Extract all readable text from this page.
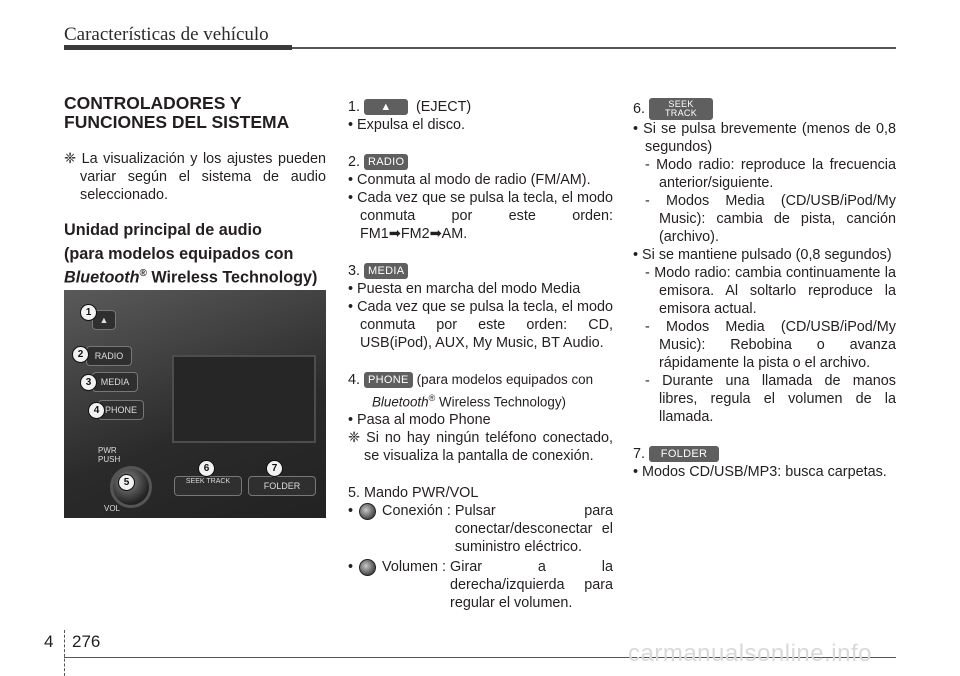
Características de vehículo
CONTROLADORES Y FUNCIONES DEL SISTEMA

❈ La visualización y los ajustes pueden variar según el sistema de audio seleccionado.

Unidad principal de audio
(para modelos equipados con
Bluetooth® Wireless Technology)
▲
RADIO
MEDIA
PHONE
PWR
PUSH
VOL
SEEK TRACK	FOLDER
1
2
3
4
5
6	7

1. ▲ (EJECT)

• Expulsa el disco.

2. RADIO

• Conmuta al modo de radio (FM/AM).

• Cada vez que se pulsa la tecla, el modo conmuta por este orden: FM1➡FM2➡AM.

3. MEDIA

• Puesta en marcha del modo Media

• Cada vez que se pulsa la tecla, el modo conmuta por este orden: CD, USB(iPod), AUX, My Music, BT Audio.

4. PHONE (para modelos equipados con

Bluetooth® Wireless Technology)

• Pasa al modo Phone

❈ Si no hay ningún teléfono conectado, se visualiza la pantalla de conexión.

5. Mando PWR/VOL

• Conexión : Pulsar para conectar/desconectar el suministro eléctrico.
• Volumen : Girar a la derecha/izquierda para regular el volumen.

6.	SEEK
TRACK

• Si se pulsa brevemente (menos de 0,8 segundos)

- Modo radio: reproduce la frecuencia anterior/siguiente.

- Modos Media (CD/USB/iPod/My Music): cambia de pista, canción (archivo).

• Si se mantiene pulsado (0,8 segundos)

- Modo radio: cambia continuamente la emisora. Al soltarlo reproduce la emisora actual.

- Modos Media (CD/USB/iPod/My Music): Rebobina o avanza rápidamente la pista o el archivo.

- Durante una llamada de manos libres, regula el volumen de la llamada.

7. FOLDER

• Modos CD/USB/MP3: busca carpetas.

4 276	carmanualsonline.info
